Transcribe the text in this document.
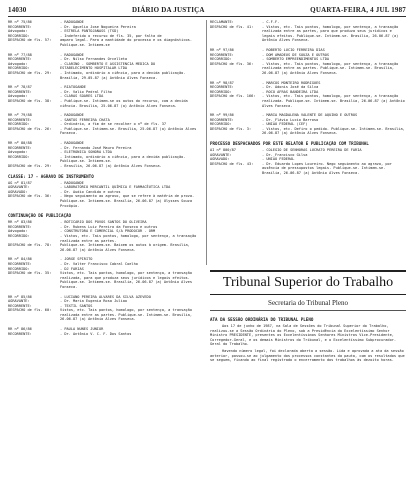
14030	DIÁRIO DA JUSTIÇA	QUARTA-FEIRA, 4 JUL 1987
RR nº 75/86	- RADOGANDE
RECORRENTE:	- Dr. Aguelio Jose Nogueira Pereira
Advogado:	- ESTRELA PANTOJANASS (TSD)
RECORRIDO:	- Indeferido o recurso de fls. 35, por falta de
DESPACHO de fls. 57:	amparo legal. Para a mantidade do processo e os diagnósticos. Publique-se. Intimem-se
RR nº 77/88	- RADOGANDE
RECORRENTE:	- Dr. Nilso Fernandes Orcelleta
Advogado:	- CLARINO - SOMBERTO E ASSISTENCIA MEDICA DO
RECORRIDO:	ESTABELECIMENTO HOSPITALAR LTDA
DESPACHO de fls. 29:	- Intimado, ordinário a ciência, para a devida publicação. Brasília, 29.05.87 (a) Antônio Alves Fonseca.
RR nº 78/87	- RIATOGANDE
RECORRENTE:	- Dr. Valio Pedral Filho
Advogado:	- CLARAS SOARES LTDA
DESPACHO de fls. 38:	- Publique-se. Intimem-se os autos do recurso, com a devida ciência. Brasília, 25.06.87 (a) Antônio Alves Fonseca.
RR nº 79/88	- RADOGANDE
RECORRENTE:	- SANTOS FERREIRA CHATA
RECORRIDO:	- Ordinário, a fim de se recolher o nº de fls. 37
DESPACHO de fls. 26:	- Publique-se. Intimem-se. Brasília, 25.06.87 (a) Antônio Alves Fonseca.
RR nº 80/88	- RADOGANDE
RECORRENTE:	- Dr. Fernando José Mauro Pereira
Advogado:	- ELETRONICA SONORA LTDA
RECORRIDO:	- Intimado, ordinário a ciência, para a devida publicação. Publique-se. Intimem-se.
DESPACHO de fls. 29:	- Brasília, 26.06.87 (a) Antônio Alves Fonseca.
CLASSE: 17 - AGRAVO DE INSTRUMENTO
AG nº 81/87	- RADOGANDE
AGRAVANTE:	- LABORATÓRIO MERCANTIL QUÍMICA E FARMACÊUTICA LTDA
AGRAVADO:	- Dr. Audio Candido e outros
DESPACHO de fls. 36:	- Nego seguimento ao agravo, que se refere à matéria de prova. Publique-se. Intimem-se. Brasília, 26.06.87 (a) Ulysses Souza Procópio.
CONTINUAÇÃO DE PUBLICAÇÃO
RR nº 83/86	- BOTICARIO DOS POVOS SANTOS DO OLIVEIRA
RECORRENTE:	- Dr. Rubens Luiz Pereira da Fonseca e outros
Advogado:	- CONSTRUTORA E COMERCIAL S/A PRODOCOR - ORM
RECORRIDO:	- Vistos, etc. Tais pontos, homologo, por sentença, a transação realizada entre as partes.
DESPACHO de fls. 78:	Publique-se. Intimem-se. Baixem os autos à origem. Brasília, 26.06.87 (a) Antônio Alves Fonseca.
RR nº 84/86	- JORGE SPIRITO
RECORRENTE:	- Dr. Valter Francisco Cabral Coelho
RECORRIDO:	- DJ FARIAS
DESPACHO de fls. 35:	Vistos, etc. Tais pontos, homologo, por sentença, a transação realizada, para que produza seus jurídicos e legais efeitos. Publique-se. Intimem-se. Brasília, 26.06.87 (a) Antônio Alves Fonseca.
RR nº 85/86	- LUCIANO PEREIRA ALVARES DA SILVA AZEVEDO
AGRAVANTE:	- Dr. Maria Eugenia Rosa Juliao
RECORRENTE:	- TEXTIL SANTOS
DESPACHO de fls. 60:	Vistos, etc. Tais pontos, homologo, por sentença, a transação realizada entre as partes. Publique-se. Intimem-se. Brasília, 26.06.87 (a) Antônio Alves Fonseca.
RR nº 86/86	- PAULA NUNES JUNIOR
RECORRENTE:	- Dr. Antônio V. C. F. Dos Santos
RECLAMANTE:	- C.F.F.
DESPACHO de fls. 41:	- Vistos, etc. Tais pontos, homologo, por sentença, a transação realizada entre as partes, para que produza seus jurídicos e legais efeitos. Publique-se. Intimem-se. Brasília, 26.06.87 (a) Antônio Alves Fonseca.
RR nº 97/86	- ROBERTO LUCIO FERREIRA DIAS
RECORRENTE:	- DOM AMADEUS DE SOUZA E OUTROS
RECORRIDO:	- SOMBERTO EMPREENDIMENTOS LTDA
DESPACHO de fls. 36:	- Vistos, etc. Tais pontos, homologo, por sentença, a transação realizada entre as partes. Publique-se. Intimem-se. Brasília, 26.06.87 (a) Antônio Alves Fonseca.
RR nº 98/87	- MARCOS MONTEIRO RODRIGUES
RECORRENTE:	- Dr. Adonis José da Silva
RECORRIDO:	- ROCO AFRAS BANDEIRA LTDA
DESPACHO de fls. 166:	- Vistos, etc. Tais pontos, homologo, por sentença, a transação realizada. Publique-se. Intimem-se. Brasília, 26.06.87 (a) Antônio Alves Fonseca.
RR nº 99/86	- MARIA MAGDALENA VALENTE DE AQUINO E OUTROS
RECORRENTE:	- Dr. Flávio Lucio Barroso
RECORRIDO:	- UNIÃO FEDERAL (CEF)
DESPACHO de fls. 3:	- Vistos, etc. Defiro o pedido. Publique-se. Intimem-se. Brasília, 26.06.87 (a) Antônio Alves Fonseca.
PROCESSO DESPACHADOS POR ESTE RELATOR E PUBLICAÇÃO COM TRIBUNAL
AI nº 800/87	- COLEGIO DE SENHORAS LUCRATO PEREIRA DE FARIA
AGRAVANTE:	- Dr. Francisco Gilva
AGRAVADO:	- UNIÃO FEDERAL
DESPACHO de fls. 43:	- Dr. Eduardo Lopes Loureiro. Nego seguimento ao agravo, por ausência de pressupostos legais. Publique-se. Intimem-se. Brasília, 26.06.87 (a) Antônio Alves Fonseca.
Tribunal Superior do Trabalho
Secretaria do Tribunal Pleno
ATA DA SESSÃO ORDINÁRIA DO TRIBUNAL PLENO
Aos 17 de junho de 1987, na Sala de Sessões do Tribunal Superior do Trabalho, realizou-se a Sessão Ordinária do Pleno, sob a Presidência do Excelentíssimo Senhor Ministro PRESIDENTE, presentes os Excelentíssimos Senhores Ministros Vice-Presidente, Corregedor-Geral, e os demais Ministros do Tribunal, e o Excelentíssimo Subprocurador-Geral do Trabalho.
Havendo número legal, foi declarada aberta a sessão. Lida e aprovada a ata da sessão anterior, passou-se ao julgamento dos processos constantes da pauta, com os resultados que se seguem, ficando ao final registrado o encerramento dos trabalhos às dezoito horas.
